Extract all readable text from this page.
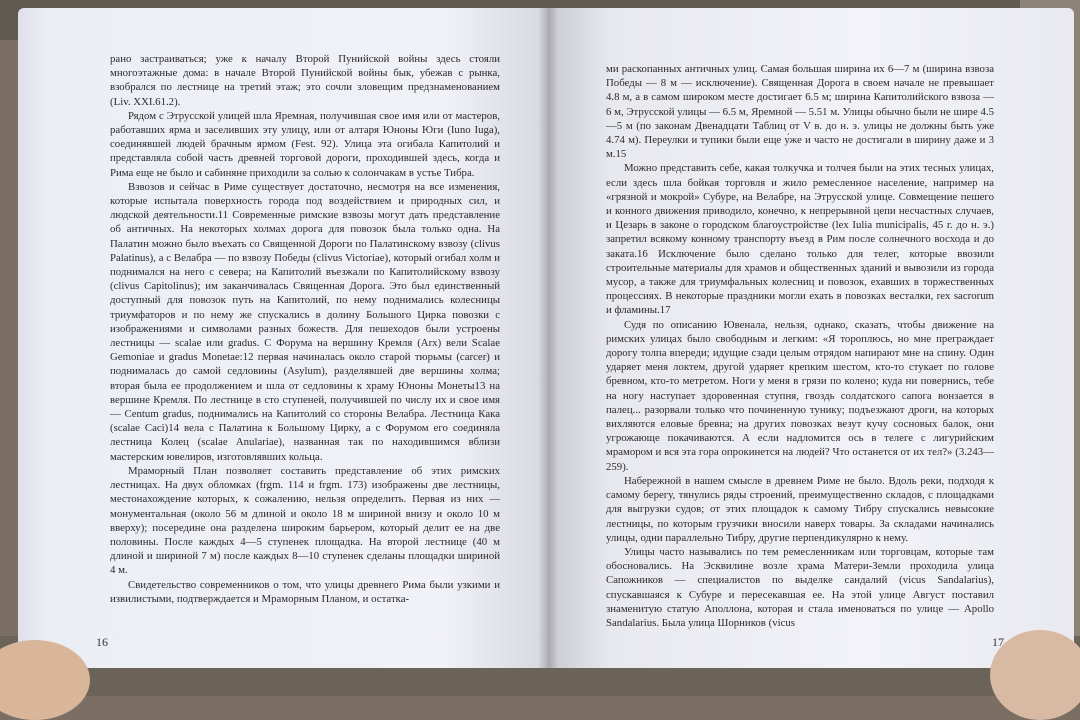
рано застраиваться; уже к началу Второй Пунийской войны здесь стояли многоэтажные дома: в начале Второй Пунийской войны бык, убежав с рынка, взобрался по лестнице на третий этаж; это сочли зловещим предзнаменованием (Liv. XXI.61.2).

Рядом с Этрусской улицей шла Яремная, получившая свое имя или от мастеров, работавших ярма и заселивших эту улицу, или от алтаря Юноны Юги (Iuno Iuga), соединявшей людей брачным ярмом (Fest. 92). Улица эта огибала Капитолий и представляла собой часть древней торговой дороги, проходившей здесь, когда и Рима еще не было и сабиняне приходили за солью к солончакам в устье Тибра.

Взвозов и сейчас в Риме существует достаточно, несмотря на все изменения, которые испытала поверхность города под воздействием и природных сил, и людской деятельности.11 Современные римские взвозы могут дать представление об античных. На некоторых холмах дорога для повозок была только одна. На Палатин можно было въехать со Священной Дороги по Палатинскому взвозу (clivus Palatinus), а с Велабра — по взвозу Победы (clivus Victoriae), который огибал холм и поднимался на него с севера; на Капитолий въезжали по Капитолийскому взвозу (clivus Capitolinus); им заканчивалась Священная Дорога. Это был единственный доступный для повозок путь на Капитолий, по нему поднимались колесницы триумфаторов и по нему же спускались в долину Большого Цирка повозки с изображениями и символами разных божеств. Для пешеходов были устроены лестницы — scalae или gradus. С Форума на вершину Кремля (Arx) вели Scalae Gemoniae и gradus Monetae:12 первая начиналась около старой тюрьмы (carcer) и поднималась до самой седловины (Asylum), разделявшей две вершины холма; вторая была ее продолжением и шла от седловины к храму Юноны Монеты13 на вершине Кремля. По лестнице в сто ступеней, получившей по числу их и свое имя — Centum gradus, поднимались на Капитолий со стороны Велабра. Лестница Кака (scalae Caci)14 вела с Палатина к Большому Цирку, а с Форумом его соединяла лестница Колец (scalae Anulariae), названная так по находившимся вблизи мастерским ювелиров, изготовлявших кольца.

Мраморный План позволяет составить представление об этих римских лестницах. На двух обломках (frgm. 114 и frgm. 173) изображены две лестницы, местонахождение которых, к сожалению, нельзя определить. Первая из них — монументальная (около 56 м длиной и около 18 м шириной внизу и около 10 м вверху); посередине она разделена широким барьером, который делит ее на две половины. После каждых 4—5 ступенек площадка. На второй лестнице (40 м длиной и шириной 7 м) после каждых 8—10 ступенек сделаны площадки шириной 4 м.

Свидетельство современников о том, что улицы древнего Рима были узкими и извилистыми, подтверждается и Мраморным Планом, и остатка-

16

ми раскопанных античных улиц. Самая большая ширина их 6—7 м (ширина взвоза Победы — 8 м — исключение). Священная Дорога в своем начале не превышает 4.8 м, а в самом широком месте достигает 6.5 м; ширина Капитолийского взвоза — 6 м, Этрусской улицы — 6.5 м, Яремной — 5.51 м. Улицы обычно были не шире 4.5—5 м (по законам Двенадцати Таблиц от V в. до н. э. улицы не должны быть у́же 4.74 м). Переулки и тупики были еще у́же и часто не достигали в ширину даже и 3 м.15

Можно представить себе, какая толкучка и толчея были на этих тесных улицах, если здесь шла бойкая торговля и жило ремесленное население, например на «грязной и мокрой» Субуре, на Велабре, на Этрусской улице. Совмещение пешего и конного движения приводило, конечно, к непрерывной цепи несчастных случаев, и Цезарь в законе о городском благоустройстве (lex Iulia municipalis, 45 г. до н. э.) запретил всякому конному транспорту въезд в Рим после солнечного восхода и до заката.16 Исключение было сделано только для телег, которые ввозили строительные материалы для храмов и общественных зданий и вывозили из города мусор, а также для триумфальных колесниц и повозок, ехавших в торжественных процессиях. В некоторые праздники могли ехать в повозках весталки, rex sacrorum и фламины.17

Судя по описанию Ювенала, нельзя, однако, сказать, чтобы движение на римских улицах было свободным и легким: «Я тороплюсь, но мне преграждает дорогу толпа впереди; идущие сзади целым отрядом напирают мне на спину. Один ударяет меня локтем, другой ударяет крепким шестом, кто-то стукает по голове бревном, кто-то метретом. Ноги у меня в грязи по колено; куда ни повернись, тебе на ногу наступает здоровенная ступня, гвоздь солдатского сапога вонзается в палец... разорвали только что починенную тунику; подъезжают дроги, на которых вихляются еловые бревна; на других повозках везут кучу сосновых балок, они угрожающе покачиваются. А если надломится ось в телеге с лигурийским мрамором и вся эта гора опрокинется на людей? Что останется от их тел?» (3.243—259).

Набережной в нашем смысле в древнем Риме не было. Вдоль реки, подходя к самому берегу, тянулись ряды строений, преимущественно складов, с площадками для выгрузки судов; от этих площадок к самому Тибру спускались невысокие лестницы, по которым грузчики вносили наверх товары. За складами начинались улицы, одни параллельно Тибру, другие перпендикулярно к нему.

Улицы часто назывались по тем ремесленникам или торговцам, которые там обосновались. На Эсквилине возле храма Матери-Земли проходила улица Сапожников — специалистов по выделке сандалий (vicus Sandalarius), спускавшаяся к Субуре и пересекавшая ее. На этой улице Август поставил знаменитую статую Аполлона, которая и стала именоваться по улице — Apollo Sandalarius. Была улица Шорников (vicus

17
